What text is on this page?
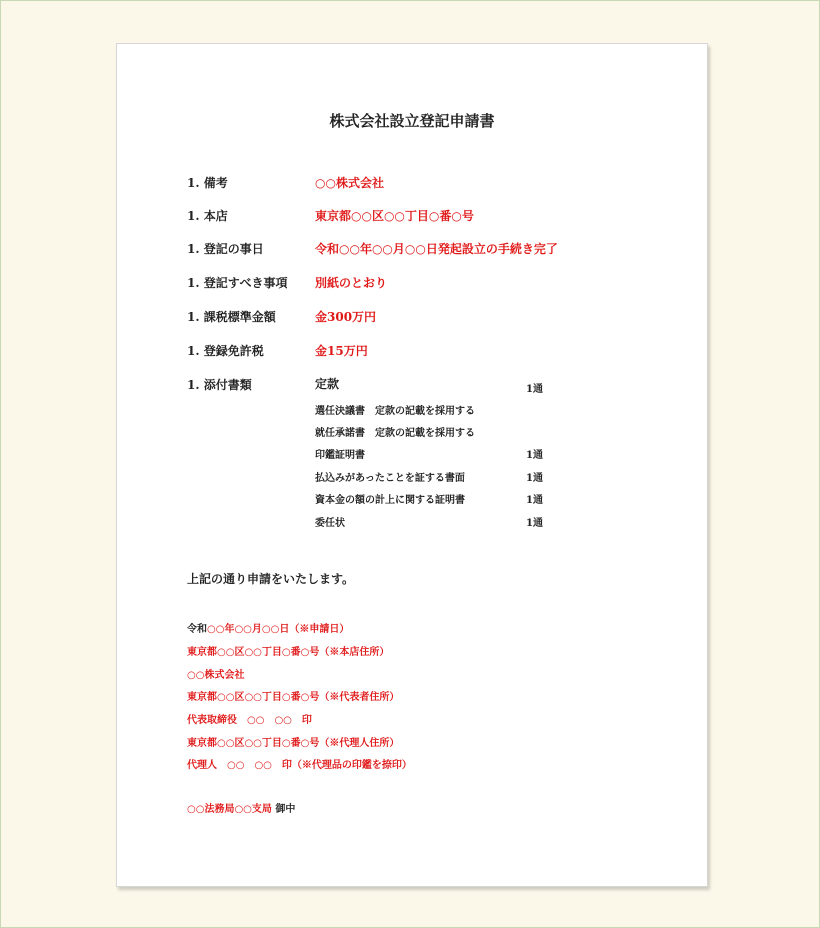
株式会社設立登記申請書
1. 備考	○○株式会社
1. 本店	東京都○○区○○丁目○番○号
1. 登記の事日	令和○○年○○月○○日発起設立の手続き完了
1. 登記すべき事項 別紙のとおり
1. 課税標準金額	金300万円
1. 登録免許税	金15万円
1. 添付書類	定款	1通
選任決議書　定款の記載を採用する
就任承諾書　定款の記載を採用する
印鑑証明書	1通
払込みがあったことを証する書面	1通
資本金の額の計上に関する証明書	1通
委任状	1通
上記の通り申請をいたします。
令和○○年○○月○○日（※申請日）
東京都○○区○○丁目○番○号（※本店住所）
○○株式会社
東京都○○区○○丁目○番○号（※代表者住所）
代表取締役　○○　○○　印
東京都○○区○○丁目○番○号（※代理人住所）
代理人　○○　○○　印（※代理品の印鑑を捺印）
○○法務局○○支局 御中
